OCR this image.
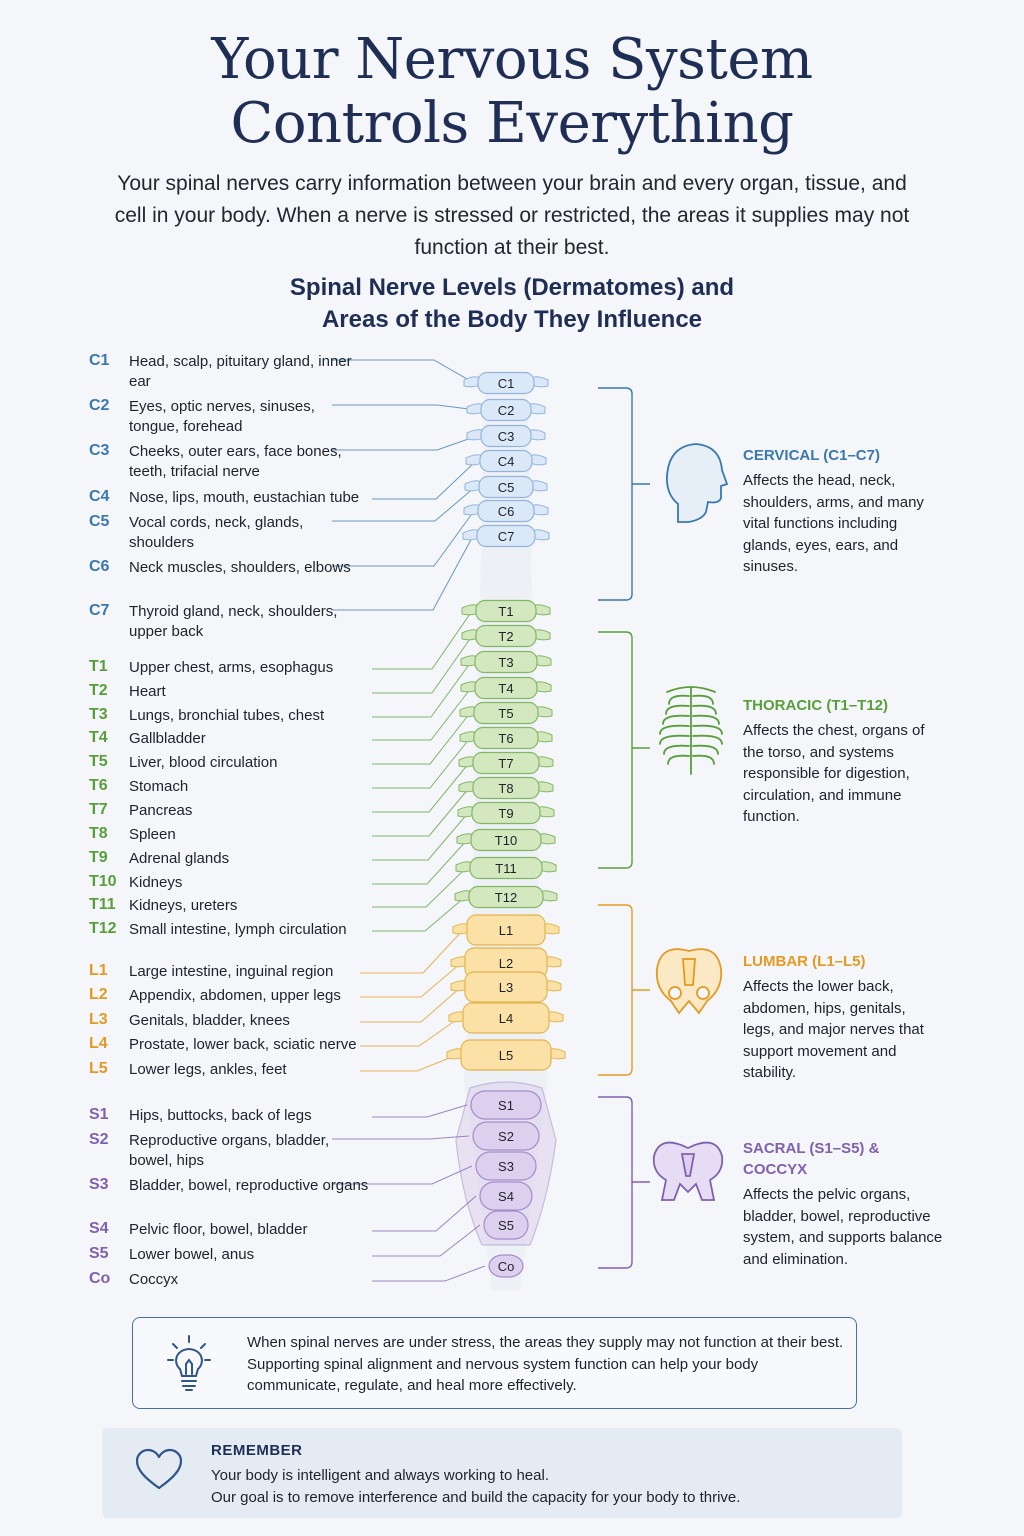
Your Nervous System
Controls Everything
Your spinal nerves carry information between your brain and every organ, tissue, and cell in your body. When a nerve is stressed or restricted, the areas it supplies may not function at their best.
Spinal Nerve Levels (Dermatomes) and
Areas of the Body They Influence
C1
C2
C3
C4
C5
C6
C7
T1
T2
T3
T4
T5
T6
T7
T8
T9
T10
T11
T12
L1
L2
L3
L4
L5
S1
S2
S3
S4
S5
Co
C1	Head, scalp, pituitary gland, inner ear
C2	Eyes, optic nerves, sinuses, tongue, forehead
C3	Cheeks, outer ears, face bones, teeth, trifacial nerve
C4	Nose, lips, mouth, eustachian tube
C5	Vocal cords, neck, glands, shoulders
C6	Neck muscles, shoulders, elbows
C7	Thyroid gland, neck, shoulders, upper back
T1	Upper chest, arms, esophagus
T2	Heart
T3	Lungs, bronchial tubes, chest
T4	Gallbladder
T5	Liver, blood circulation
T6	Stomach
T7	Pancreas
T8	Spleen
T9	Adrenal glands
T10 Kidneys
T11 Kidneys, ureters
T12 Small intestine, lymph circulation
L1	Large intestine, inguinal region
L2	Appendix, abdomen, upper legs
L3	Genitals, bladder, knees
L4	Prostate, lower back, sciatic nerve
L5	Lower legs, ankles, feet
S1	Hips, buttocks, back of legs
S2	Reproductive organs, bladder, bowel, hips
S3	Bladder, bowel, reproductive organs
S4	Pelvic floor, bowel, bladder
S5	Lower bowel, anus
Co	Coccyx
CERVICAL (C1–C7)
Affects the head, neck, shoulders, arms, and many vital functions including glands, eyes, ears, and sinuses.
THORACIC (T1–T12)
Affects the chest, organs of the torso, and systems responsible for digestion, circulation, and immune function.
LUMBAR (L1–L5)
Affects the lower back, abdomen, hips, genitals, legs, and major nerves that support movement and stability.
SACRAL (S1–S5) & COCCYX
Affects the pelvic organs, bladder, bowel, reproductive system, and supports balance and elimination.
When spinal nerves are under stress, the areas they supply may not function at their best. Supporting spinal alignment and nervous system function can help your body communicate, regulate, and heal more effectively.
REMEMBER
Your body is intelligent and always working to heal.
Our goal is to remove interference and build the capacity for your body to thrive.
